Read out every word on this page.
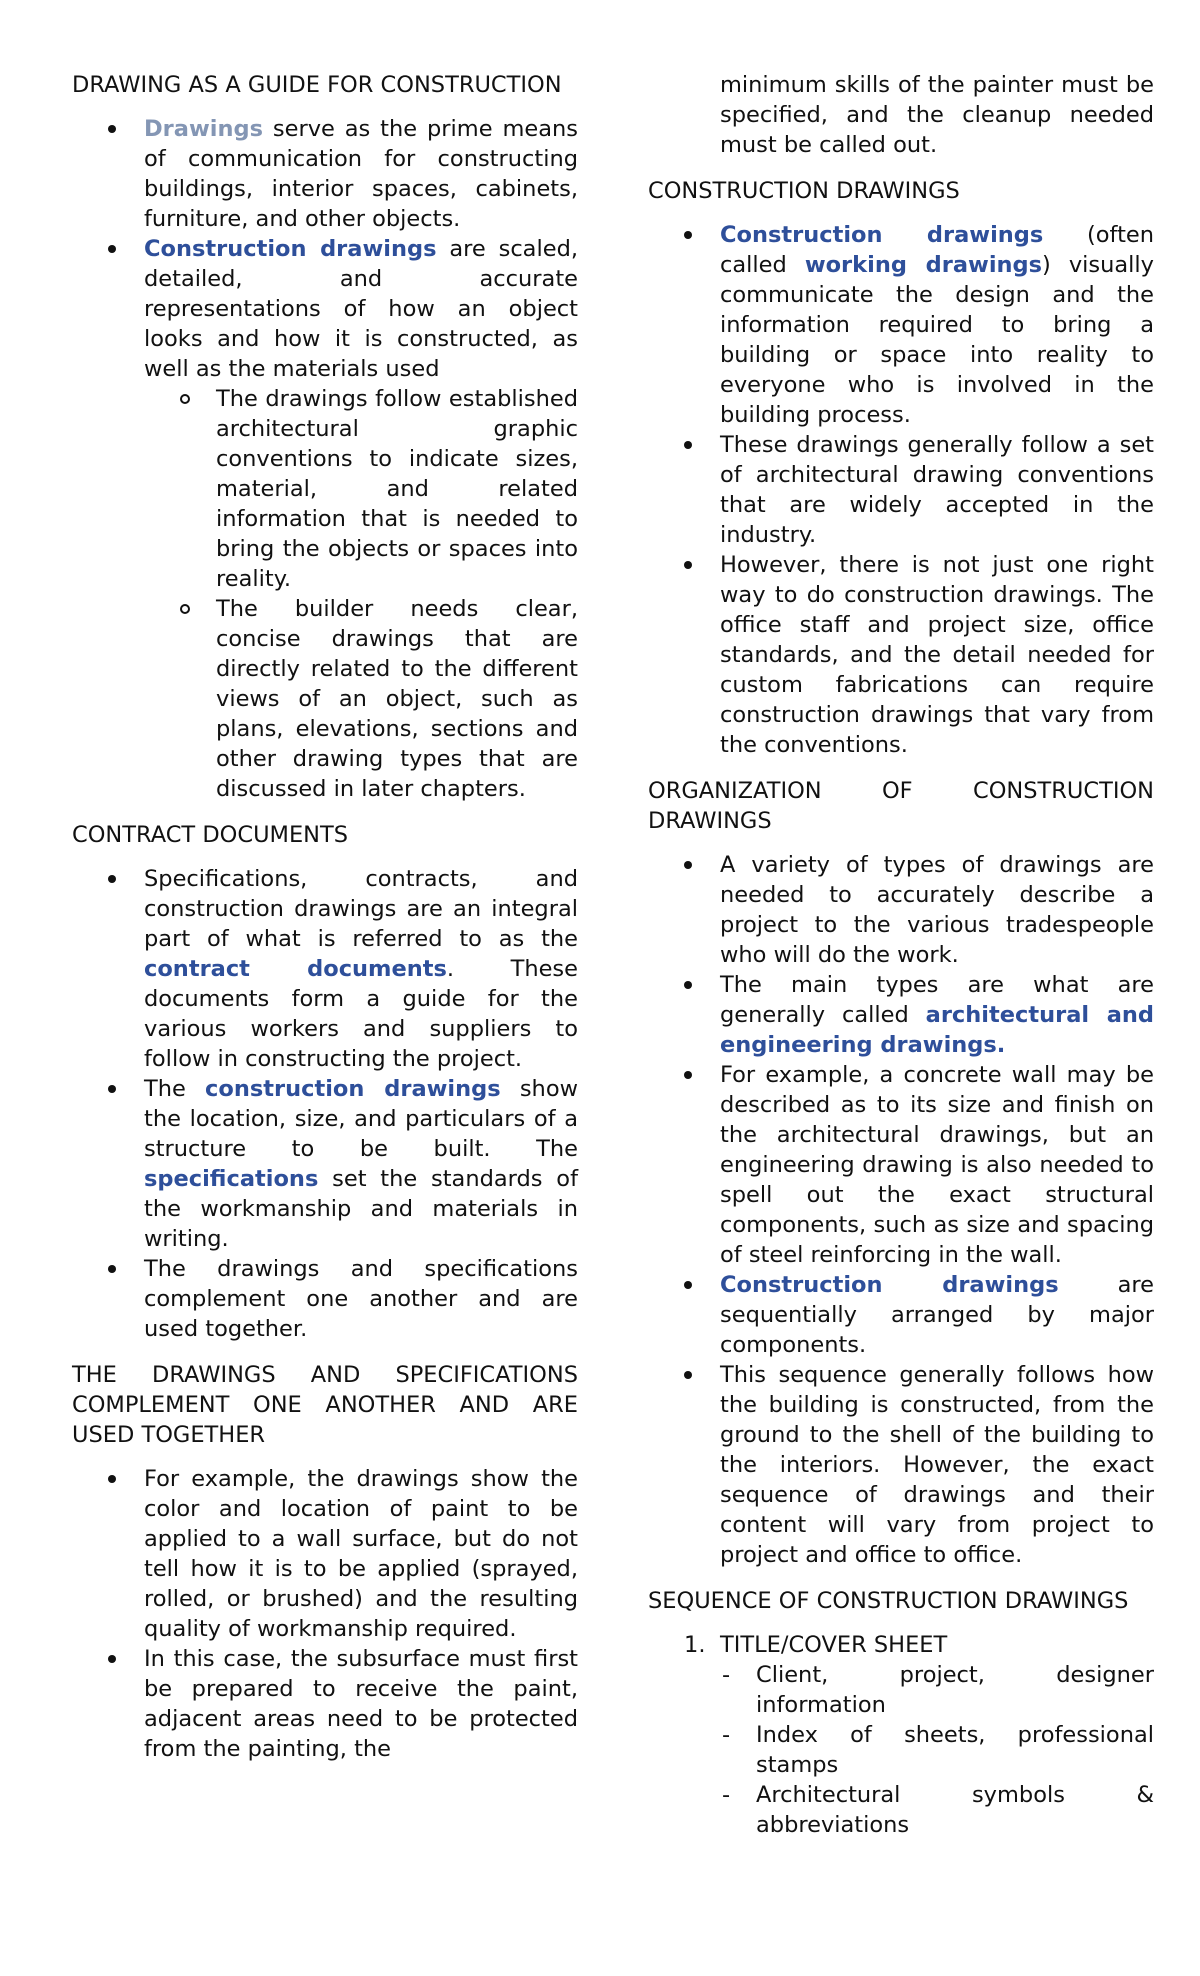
DRAWING AS A GUIDE FOR CONSTRUCTION

Drawings serve as the prime means of communication for constructing buildings, interior spaces, cabinets, furniture, and other objects.
Construction drawings are scaled, detailed, and accurate representations of how an object looks and how it is constructed, as well as the materials used
The drawings follow established architectural graphic conventions to indicate sizes, material, and related information that is needed to bring the objects or spaces into reality.
The builder needs clear, concise drawings that are directly related to the different views of an object, such as plans, elevations, sections and other drawing types that are discussed in later chapters.

CONTRACT DOCUMENTS

Specifications, contracts, and construction drawings are an integral part of what is referred to as the contract documents. These documents form a guide for the various workers and suppliers to follow in constructing the project.
The construction drawings show the location, size, and particulars of a structure to be built. The specifications set the standards of the workmanship and materials in writing.
The drawings and specifications complement one another and are used together.

THE DRAWINGS AND SPECIFICATIONS COMPLEMENT ONE ANOTHER AND ARE USED TOGETHER

For example, the drawings show the color and location of paint to be applied to a wall surface, but do not tell how it is to be applied (sprayed, rolled, or brushed) and the resulting quality of workmanship required.
In this case, the subsurface must first be prepared to receive the paint, adjacent areas need to be protected from the painting, the

minimum skills of the painter must be specified, and the cleanup needed must be called out.

CONSTRUCTION DRAWINGS

Construction drawings (often called working drawings) visually communicate the design and the information required to bring a building or space into reality to everyone who is involved in the building process.
These drawings generally follow a set of architectural drawing conventions that are widely accepted in the industry.
However, there is not just one right way to do construction drawings. The office staff and project size, office standards, and the detail needed for custom fabrications can require construction drawings that vary from the conventions.

ORGANIZATION OF CONSTRUCTION DRAWINGS

A variety of types of drawings are needed to accurately describe a project to the various tradespeople who will do the work.
The main types are what are generally called architectural and engineering drawings.
For example, a concrete wall may be described as to its size and finish on the architectural drawings, but an engineering drawing is also needed to spell out the exact structural components, such as size and spacing of steel reinforcing in the wall.
Construction drawings are sequentially arranged by major components.
This sequence generally follows how the building is constructed, from the ground to the shell of the building to the interiors. However, the exact sequence of drawings and their content will vary from project to project and office to office.

SEQUENCE OF CONSTRUCTION DRAWINGS

1. TITLE/COVER SHEET
- Client, project, designer information
- Index of sheets, professional stamps
- Architectural symbols & abbreviations
